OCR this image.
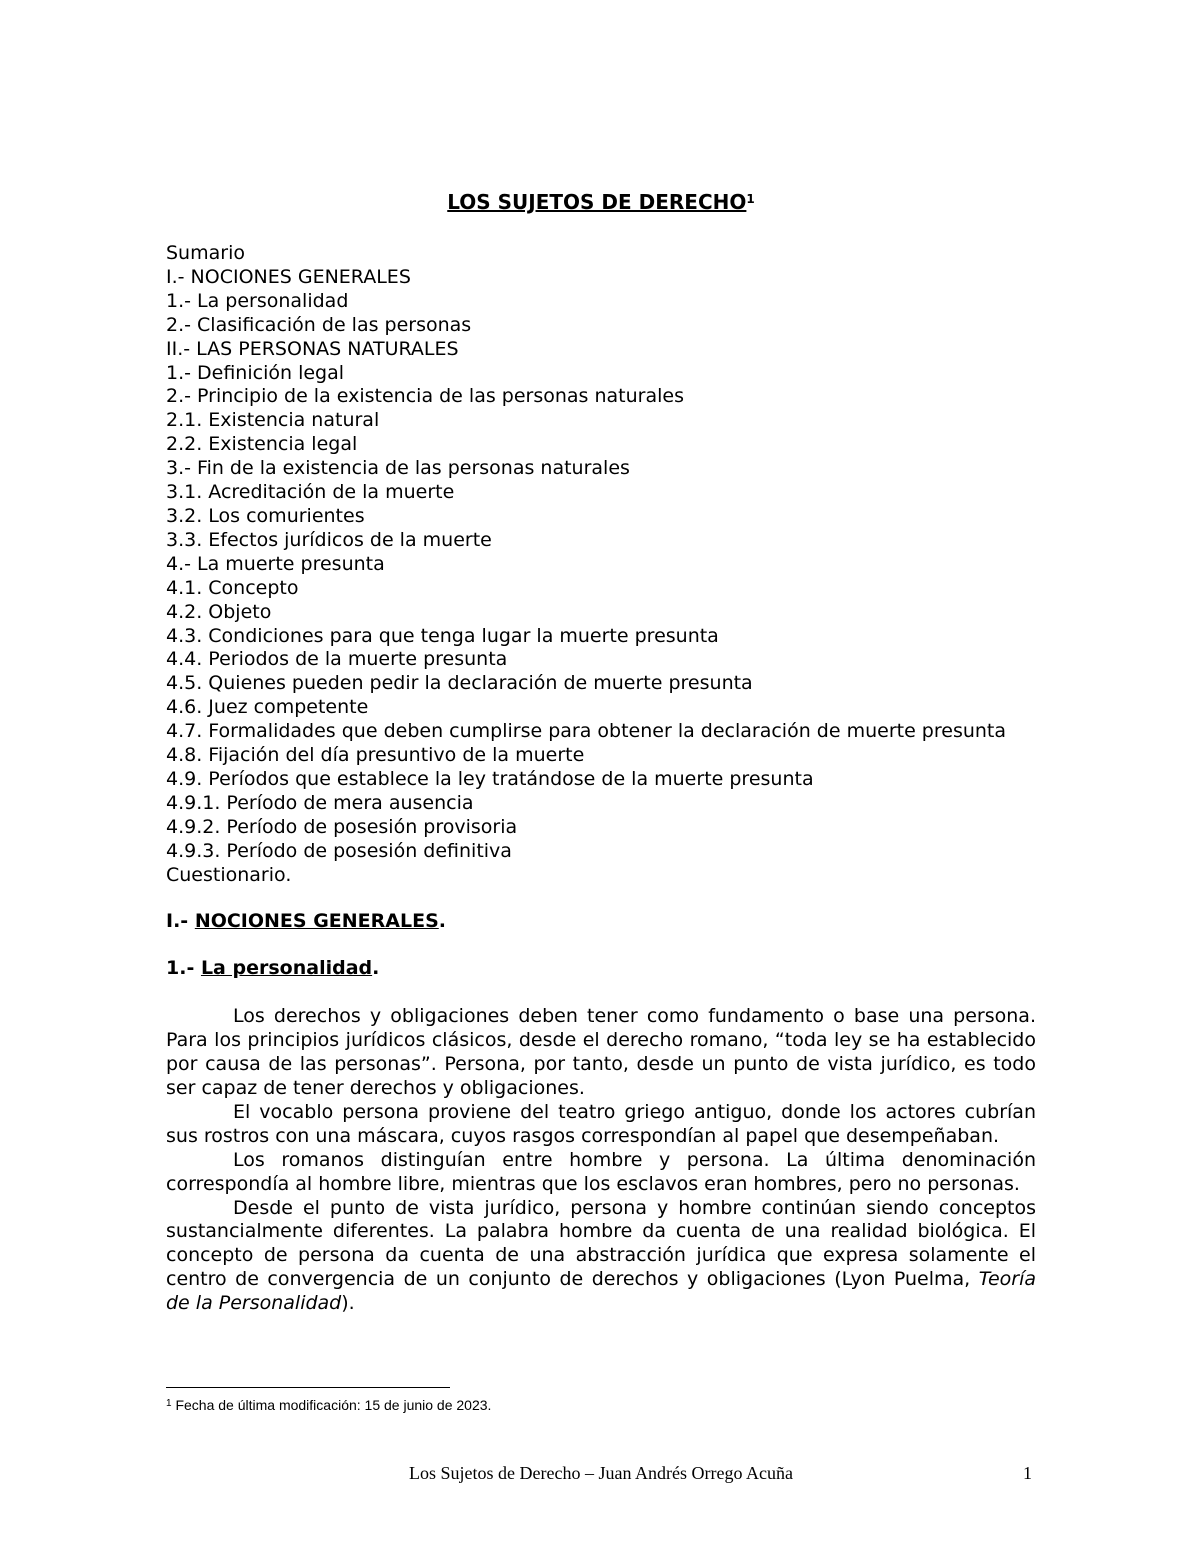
LOS SUJETOS DE DERECHO$^1$
Sumario
I.- NOCIONES GENERALES
1.- La personalidad
2.- Clasificación de las personas
II.- LAS PERSONAS NATURALES
1.- Definición legal
2.- Principio de la existencia de las personas naturales
2.1. Existencia natural
2.2. Existencia legal
3.- Fin de la existencia de las personas naturales
3.1. Acreditación de la muerte
3.2. Los comurientes
3.3. Efectos jurídicos de la muerte
4.- La muerte presunta
4.1. Concepto
4.2. Objeto
4.3. Condiciones para que tenga lugar la muerte presunta
4.4. Periodos de la muerte presunta
4.5. Quienes pueden pedir la declaración de muerte presunta
4.6. Juez competente
4.7. Formalidades que deben cumplirse para obtener la declaración de muerte presunta
4.8. Fijación del día presuntivo de la muerte
4.9. Períodos que establece la ley tratándose de la muerte presunta
4.9.1. Período de mera ausencia
4.9.2. Período de posesión provisoria
4.9.3. Período de posesión definitiva
Cuestionario.
I.- NOCIONES GENERALES.
1.- La personalidad.

Los derechos y obligaciones deben tener como fundamento o base una persona. Para los principios jurídicos clásicos, desde el derecho romano, “toda ley se ha establecido por causa de las personas”. Persona, por tanto, desde un punto de vista jurídico, es todo ser capaz de tener derechos y obligaciones.

El vocablo persona proviene del teatro griego antiguo, donde los actores cubrían sus rostros con una máscara, cuyos rasgos correspondían al papel que desempeñaban.

Los romanos distinguían entre hombre y persona. La última denominación correspondía al hombre libre, mientras que los esclavos eran hombres, pero no personas.

Desde el punto de vista jurídico, persona y hombre continúan siendo conceptos sustancialmente diferentes. La palabra hombre da cuenta de una realidad biológica. El concepto de persona da cuenta de una abstracción jurídica que expresa solamente el centro de convergencia de un conjunto de derechos y obligaciones (Lyon Puelma, Teoría de la Personalidad).

$^1$ Fecha de última modificación: 15 de junio de 2023.
Los Sujetos de Derecho – Juan Andrés Orrego Acuña	1
